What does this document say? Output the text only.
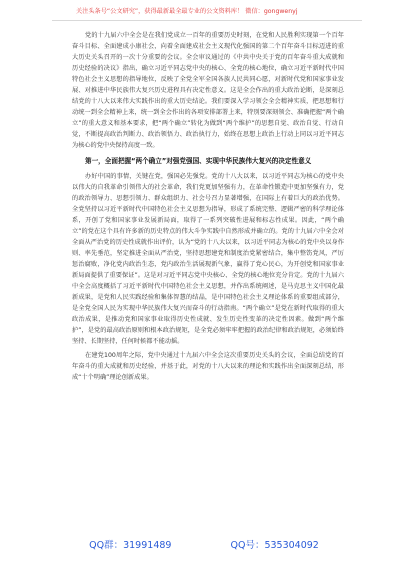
关注头条号“公文研究”，获得最新最全最专业的公文资料库！ 微信：gongwenyj

党的十九届六中全会是在我们党成立一百年的重要历史时刻，在党和人民胜利实现第一个百年奋斗目标、全面建成小康社会，向着全面建成社会主义现代化强国的第二个百年奋斗目标迈进的重大历史关头召开的一次十分重要的会议。全会审议通过的《中共中央关于党的百年奋斗重大成就和历史经验的决议》指出，确立习近平同志党中央的核心、全党的核心地位，确立习近平新时代中国特色社会主义思想的指导地位，反映了全党全军全国各族人民共同心愿，对新时代党和国家事业发展、对推进中华民族伟大复兴历史进程具有决定性意义。这是全会作出的重大政治论断，是深刻总结党的十八大以来伟大实践作出的重大历史结论。我们要深入学习领会全会精神实质，把思想和行动统一到全会精神上来，统一到全会作出的各项安排部署上来，特别要深刻领会、准确把握“两个确立”的重大意义和基本要求，把“两个确立”转化为做到“两个维护”的思想自觉、政治自觉、行动自觉，不断提高政治判断力、政治领悟力、政治执行力，始终在思想上政治上行动上同以习近平同志为核心的党中央保持高度一致。

第一，全面把握“两个确立”对强党强国、实现中华民族伟大复兴的决定性意义

办好中国的事情，关键在党，强国必先强党。党的十八大以来，以习近平同志为核心的党中央以伟大的自我革命引领伟大的社会革命，我们党更加坚强有力，在革命性锻造中更加坚强有力，党的政治领导力、思想引领力、群众组织力、社会号召力显著增强，在国际上有着巨大的政治优势。全党坚持以习近平新时代中国特色社会主义思想为指导，形成了系统完整、逻辑严密的科学理论体系，开创了党和国家事业发展新局面，取得了一系列突破性进展和标志性成果。因此，“两个确立”的党在这个具有许多新的历史特点的伟大斗争实践中自然形成并确立的。党的十九届六中全会对全面从严治党的历史性成就作出评价，认为“党的十八大以来，以习近平同志为核心的党中央以身作则、率先垂范，坚定推进全面从严治党，坚持思想建党和制度治党紧密结合，集中整饬党风，严厉惩治腐败，净化党内政治生态，党内政治生活展现新气象，赢得了党心民心，为开创党和国家事业新局面提供了重要保证”。这是对习近平同志党中央核心、全党的核心地位充分肯定。党的十九届六中全会高度概括了习近平新时代中国特色社会主义思想，并作出系统阐述，是马克思主义中国化最新成果，是党和人民实践经验和集体智慧的结晶，是中国特色社会主义理论体系的重要组成部分，是全党全国人民为实现中华民族伟大复兴而奋斗的行动指南。“两个确立”是党在新时代取得的重大政治成果，是推动党和国家事业取得历史性成就、发生历史性变革的决定性因素。做到“两个维护”，是党的最高政治原则和根本政治规矩，是全党必须牢牢把握的政治纪律和政治规矩，必须始终坚持、长期坚持，任何时候都不能动摇。

在建党100周年之际，党中央通过十九届六中全会这次重要历史关头的会议，全面总结党的百年奋斗的重大成就和历史经验，并基于此，对党的十八大以来的理论和实践作出全面深刻总结，形成“十个明确”理论创新成果。

QQ群：31991489	QQ号：535304092
